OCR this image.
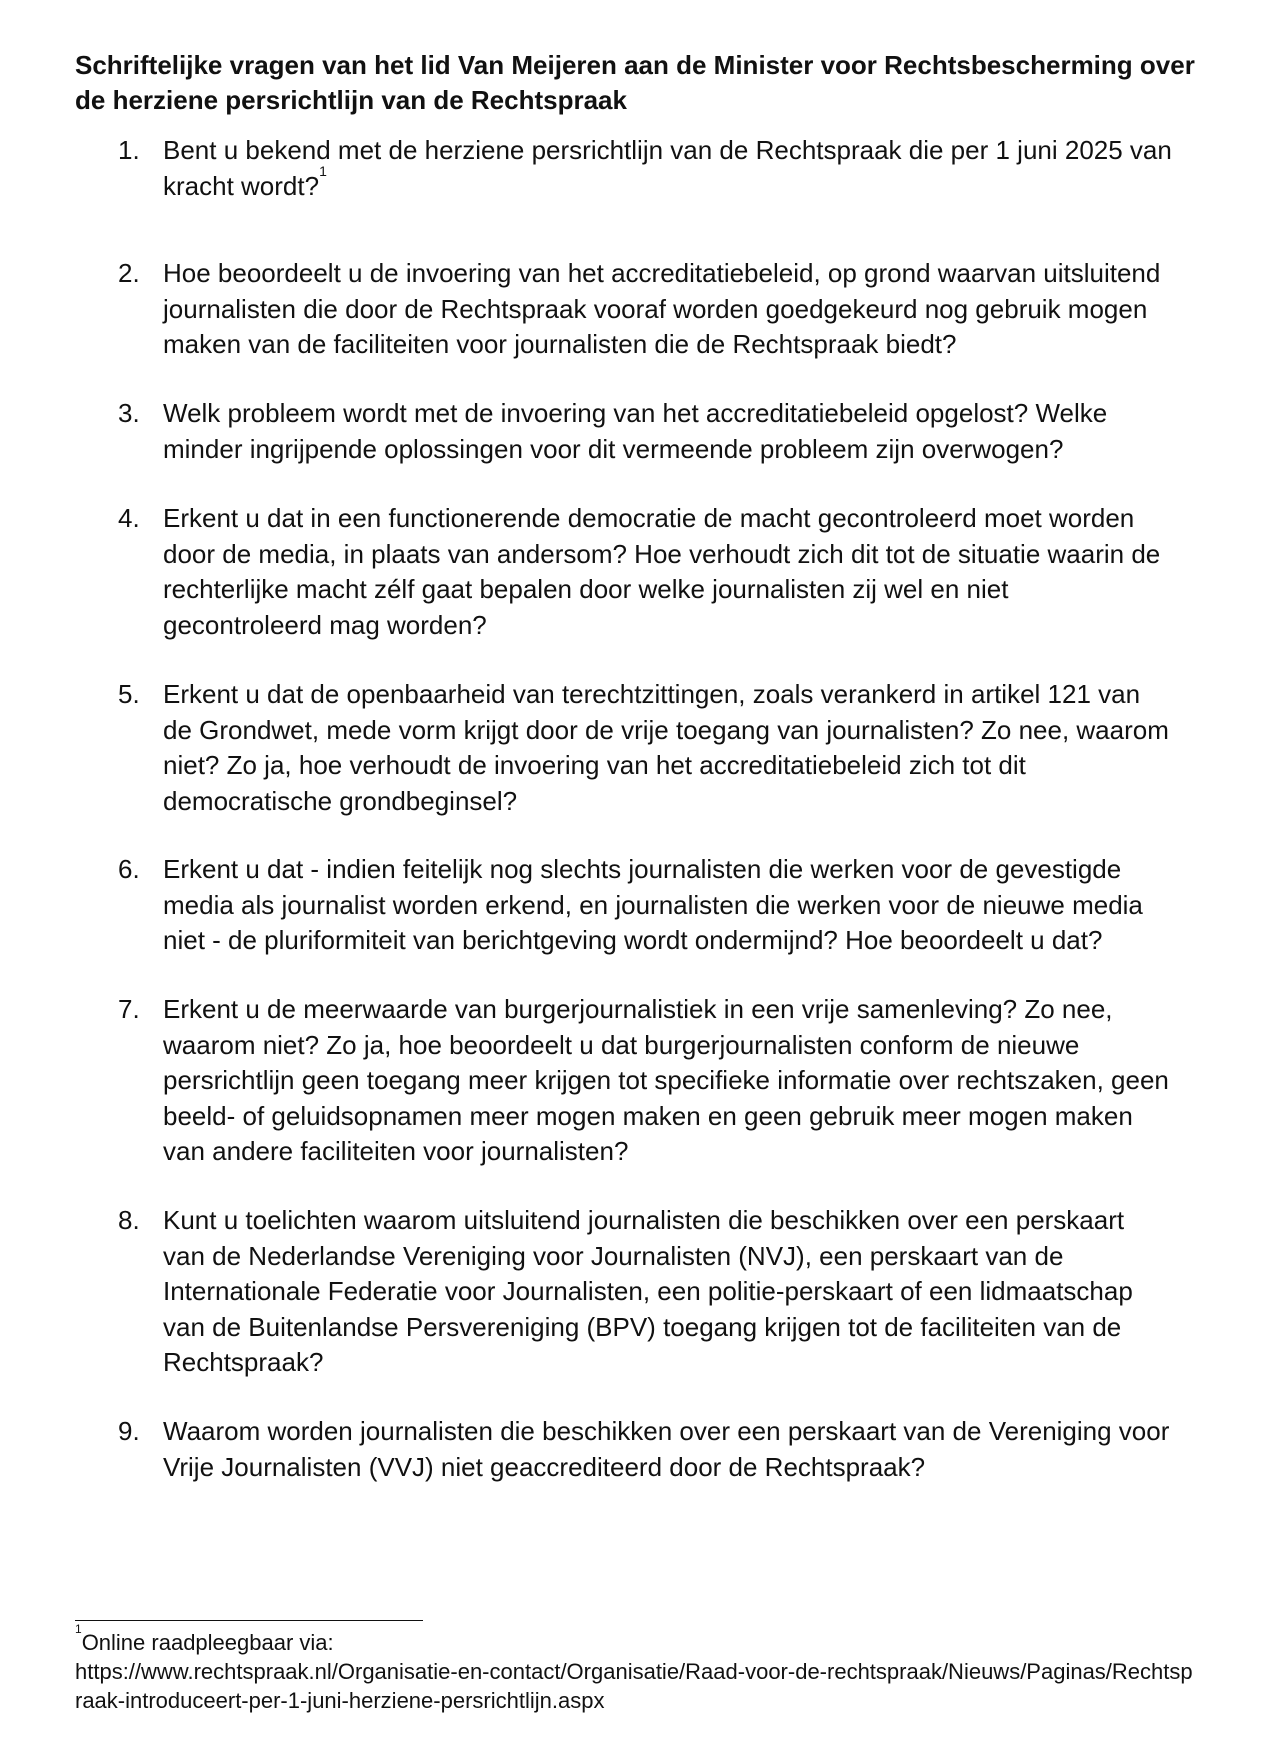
Schriftelijke vragen van het lid Van Meijeren aan de Minister voor Rechtsbescherming over de herziene persrichtlijn van de Rechtspraak
1. Bent u bekend met de herziene persrichtlijn van de Rechtspraak die per 1 juni 2025 van kracht wordt?$^1$
2. Hoe beoordeelt u de invoering van het accreditatiebeleid, op grond waarvan uitsluitend journalisten die door de Rechtspraak vooraf worden goedgekeurd nog gebruik mogen maken van de faciliteiten voor journalisten die de Rechtspraak biedt?
3. Welk probleem wordt met de invoering van het accreditatiebeleid opgelost? Welke minder ingrijpende oplossingen voor dit vermeende probleem zijn overwogen?
4. Erkent u dat in een functionerende democratie de macht gecontroleerd moet worden door de media, in plaats van andersom? Hoe verhoudt zich dit tot de situatie waarin de rechterlijke macht zélf gaat bepalen door welke journalisten zij wel en niet gecontroleerd mag worden?
5. Erkent u dat de openbaarheid van terechtzittingen, zoals verankerd in artikel 121 van de Grondwet, mede vorm krijgt door de vrije toegang van journalisten? Zo nee, waarom niet? Zo ja, hoe verhoudt de invoering van het accreditatiebeleid zich tot dit democratische grondbeginsel?
6. Erkent u dat - indien feitelijk nog slechts journalisten die werken voor de gevestigde media als journalist worden erkend, en journalisten die werken voor de nieuwe media niet - de pluriformiteit van berichtgeving wordt ondermijnd? Hoe beoordeelt u dat?
7. Erkent u de meerwaarde van burgerjournalistiek in een vrije samenleving? Zo nee, waarom niet? Zo ja, hoe beoordeelt u dat burgerjournalisten conform de nieuwe persrichtlijn geen toegang meer krijgen tot specifieke informatie over rechtszaken, geen beeld- of geluidsopnamen meer mogen maken en geen gebruik meer mogen maken van andere faciliteiten voor journalisten?
8. Kunt u toelichten waarom uitsluitend journalisten die beschikken over een perskaart van de Nederlandse Vereniging voor Journalisten (NVJ), een perskaart van de Internationale Federatie voor Journalisten, een politie-perskaart of een lidmaatschap van de Buitenlandse Persvereniging (BPV) toegang krijgen tot de faciliteiten van de Rechtspraak?
9. Waarom worden journalisten die beschikken over een perskaart van de Vereniging voor Vrije Journalisten (VVJ) niet geaccrediteerd door de Rechtspraak?
$^1$Online raadpleegbaar via:
https://www.rechtspraak.nl/Organisatie-en-contact/Organisatie/Raad-voor-de-rechtspraak/Nieuws/Paginas/Rechtspraak-introduceert-per-1-juni-herziene-persrichtlijn.aspx
